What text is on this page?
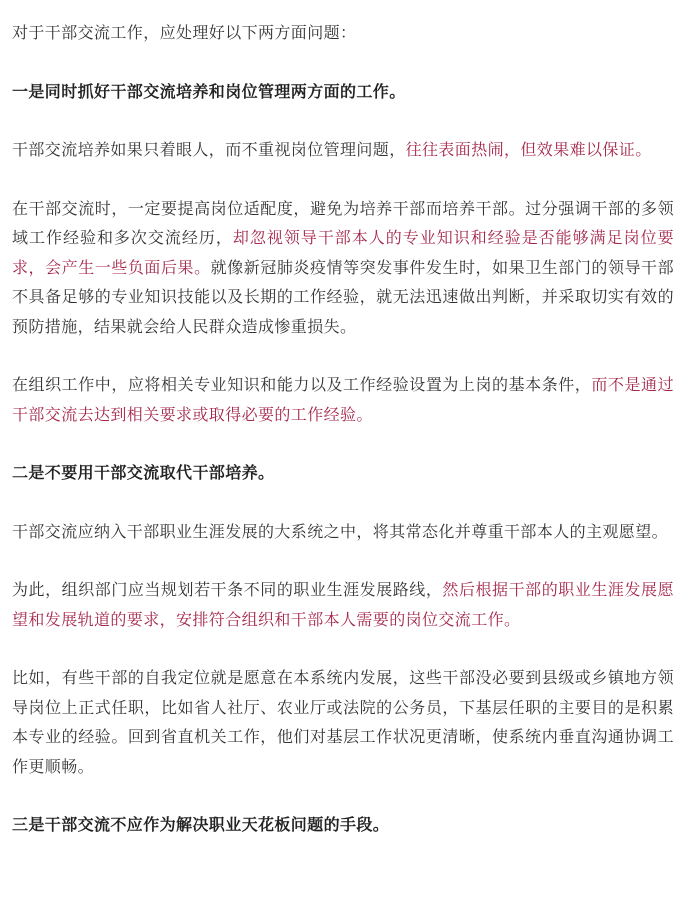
对于干部交流工作，应处理好以下两方面问题：

一是同时抓好干部交流培养和岗位管理两方面的工作。

干部交流培养如果只着眼人，而不重视岗位管理问题，往往表面热闹，但效果难以保证。

在干部交流时，一定要提高岗位适配度，避免为培养干部而培养干部。过分强调干部的多领域工作经验和多次交流经历，却忽视领导干部本人的专业知识和经验是否能够满足岗位要求，会产生一些负面后果。就像新冠肺炎疫情等突发事件发生时，如果卫生部门的领导干部不具备足够的专业知识技能以及长期的工作经验，就无法迅速做出判断，并采取切实有效的预防措施，结果就会给人民群众造成惨重损失。

在组织工作中，应将相关专业知识和能力以及工作经验设置为上岗的基本条件，而不是通过干部交流去达到相关要求或取得必要的工作经验。

二是不要用干部交流取代干部培养。

干部交流应纳入干部职业生涯发展的大系统之中，将其常态化并尊重干部本人的主观愿望。

为此，组织部门应当规划若干条不同的职业生涯发展路线，然后根据干部的职业生涯发展愿望和发展轨道的要求，安排符合组织和干部本人需要的岗位交流工作。

比如，有些干部的自我定位就是愿意在本系统内发展，这些干部没必要到县级或乡镇地方领导岗位上正式任职，比如省人社厅、农业厅或法院的公务员，下基层任职的主要目的是积累本专业的经验。回到省直机关工作，他们对基层工作状况更清晰，使系统内垂直沟通协调工作更顺畅。

三是干部交流不应作为解决职业天花板问题的手段。
